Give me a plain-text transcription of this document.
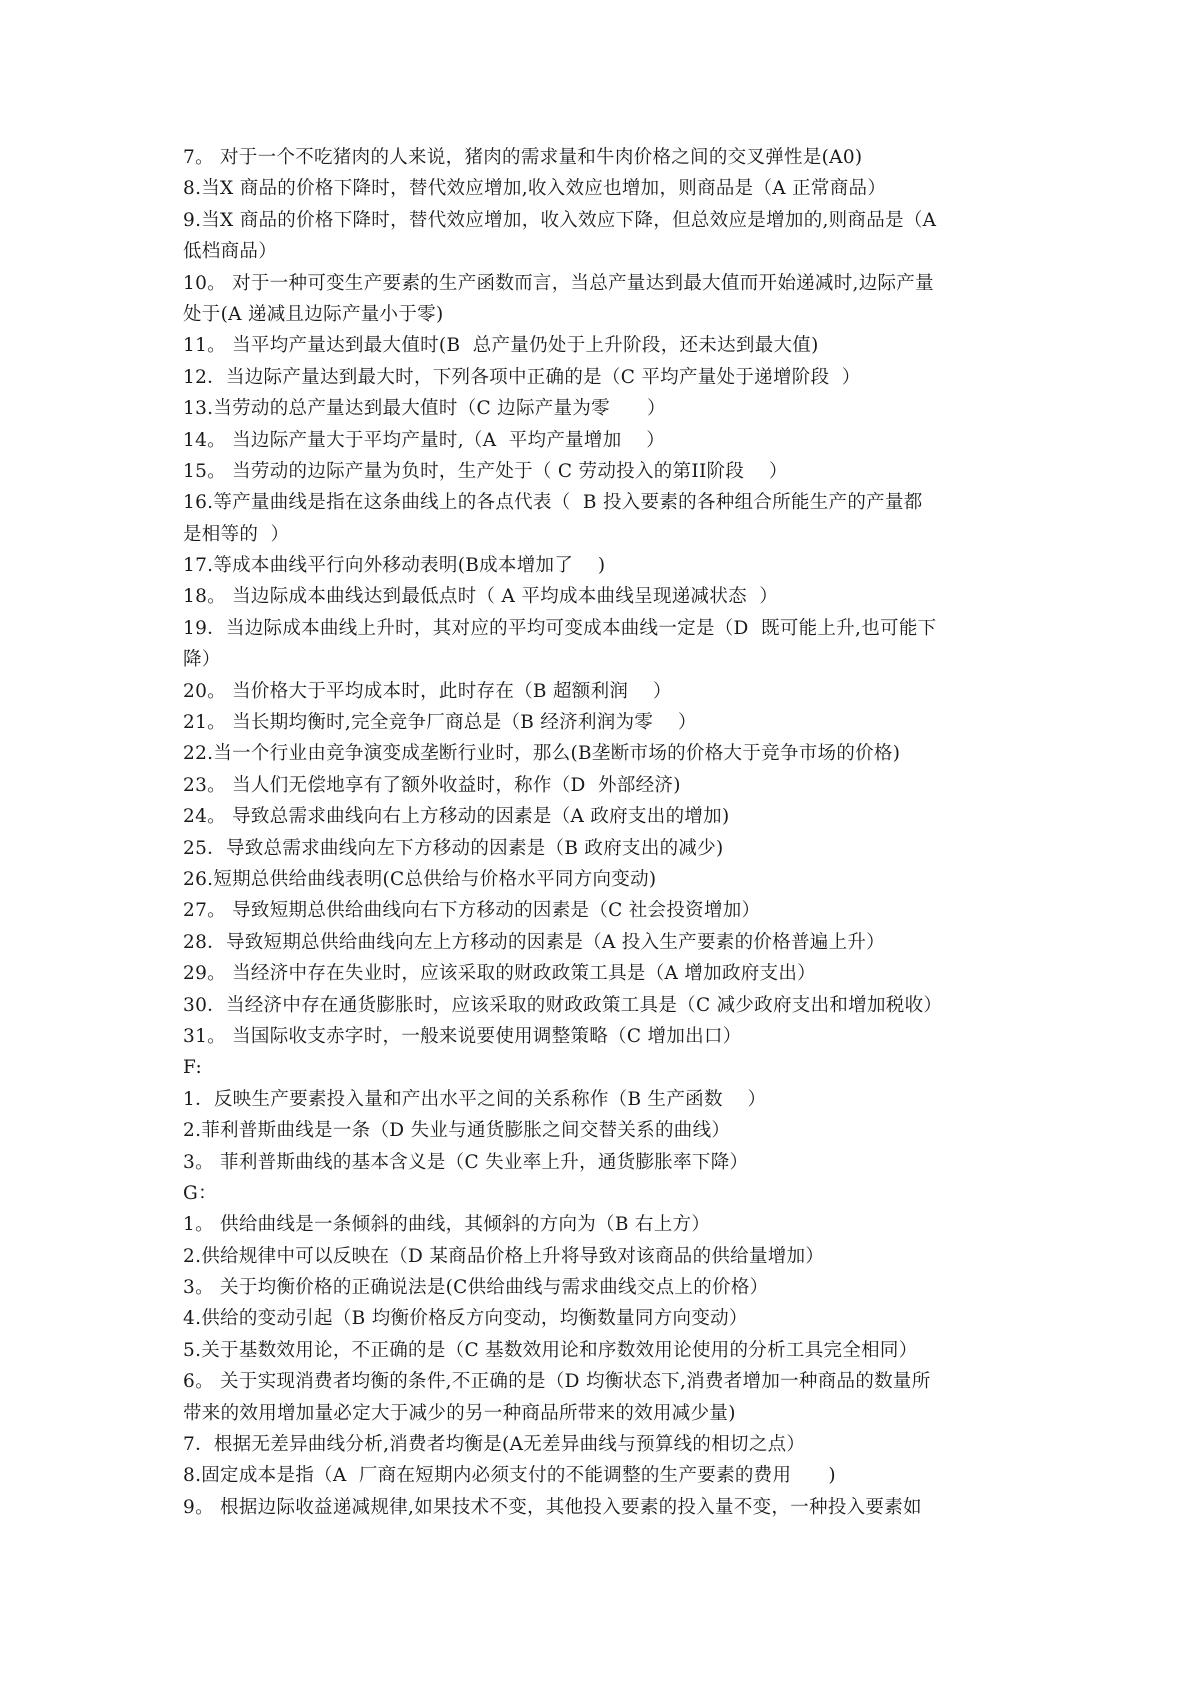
7。 对于一个不吃猪肉的人来说，猪肉的需求量和牛肉价格之间的交叉弹性是(A0)
8.当X 商品的价格下降时，替代效应增加,收入效应也增加，则商品是（A 正常商品）
9.当X 商品的价格下降时，替代效应增加，收入效应下降，但总效应是增加的,则商品是（A
低档商品）
10。 对于一种可变生产要素的生产函数而言，当总产量达到最大值而开始递减时,边际产量
处于(A 递减且边际产量小于零)
11。 当平均产量达到最大值时(B  总产量仍处于上升阶段，还未达到最大值)
12．当边际产量达到最大时，下列各项中正确的是（C 平均产量处于递增阶段  ）
13.当劳动的总产量达到最大值时（C 边际产量为零      ）
14。 当边际产量大于平均产量时,（A  平均产量增加    ）
15。 当劳动的边际产量为负时，生产处于（ C 劳动投入的第II阶段    ）
16.等产量曲线是指在这条曲线上的各点代表（  B 投入要素的各种组合所能生产的产量都
是相等的  ）
17.等成本曲线平行向外移动表明(B成本增加了    )
18。 当边际成本曲线达到最低点时（ A 平均成本曲线呈现递减状态  ）
19．当边际成本曲线上升时，其对应的平均可变成本曲线一定是（D  既可能上升,也可能下
降）
20。 当价格大于平均成本时，此时存在（B 超额利润    ）
21。 当长期均衡时,完全竞争厂商总是（B 经济利润为零    ）
22.当一个行业由竞争演变成垄断行业时，那么(B垄断市场的价格大于竞争市场的价格)
23。 当人们无偿地享有了额外收益时，称作（D  外部经济)
24。 导致总需求曲线向右上方移动的因素是（A 政府支出的增加)
25．导致总需求曲线向左下方移动的因素是（B 政府支出的减少)
26.短期总供给曲线表明(C总供给与价格水平同方向变动)
27。 导致短期总供给曲线向右下方移动的因素是（C 社会投资增加）
28．导致短期总供给曲线向左上方移动的因素是（A 投入生产要素的价格普遍上升）
29。 当经济中存在失业时，应该采取的财政政策工具是（A 增加政府支出）
30．当经济中存在通货膨胀时，应该采取的财政政策工具是（C 减少政府支出和增加税收）
31。 当国际收支赤字时，一般来说要使用调整策略（C 增加出口）
F:
1．反映生产要素投入量和产出水平之间的关系称作（B 生产函数    ）
2.菲利普斯曲线是一条（D 失业与通货膨胀之间交替关系的曲线）
3。 菲利普斯曲线的基本含义是（C 失业率上升，通货膨胀率下降）
G：
1。 供给曲线是一条倾斜的曲线，其倾斜的方向为（B 右上方）
2.供给规律中可以反映在（D 某商品价格上升将导致对该商品的供给量增加）
3。 关于均衡价格的正确说法是(C供给曲线与需求曲线交点上的价格）
4.供给的变动引起（B 均衡价格反方向变动，均衡数量同方向变动）
5.关于基数效用论，不正确的是（C 基数效用论和序数效用论使用的分析工具完全相同）
6。 关于实现消费者均衡的条件,不正确的是（D 均衡状态下,消费者增加一种商品的数量所
带来的效用增加量必定大于减少的另一种商品所带来的效用减少量)
7．根据无差异曲线分析,消费者均衡是(A无差异曲线与预算线的相切之点）
8.固定成本是指（A  厂商在短期内必须支付的不能调整的生产要素的费用      )
9。 根据边际收益递减规律,如果技术不变，其他投入要素的投入量不变，一种投入要素如
